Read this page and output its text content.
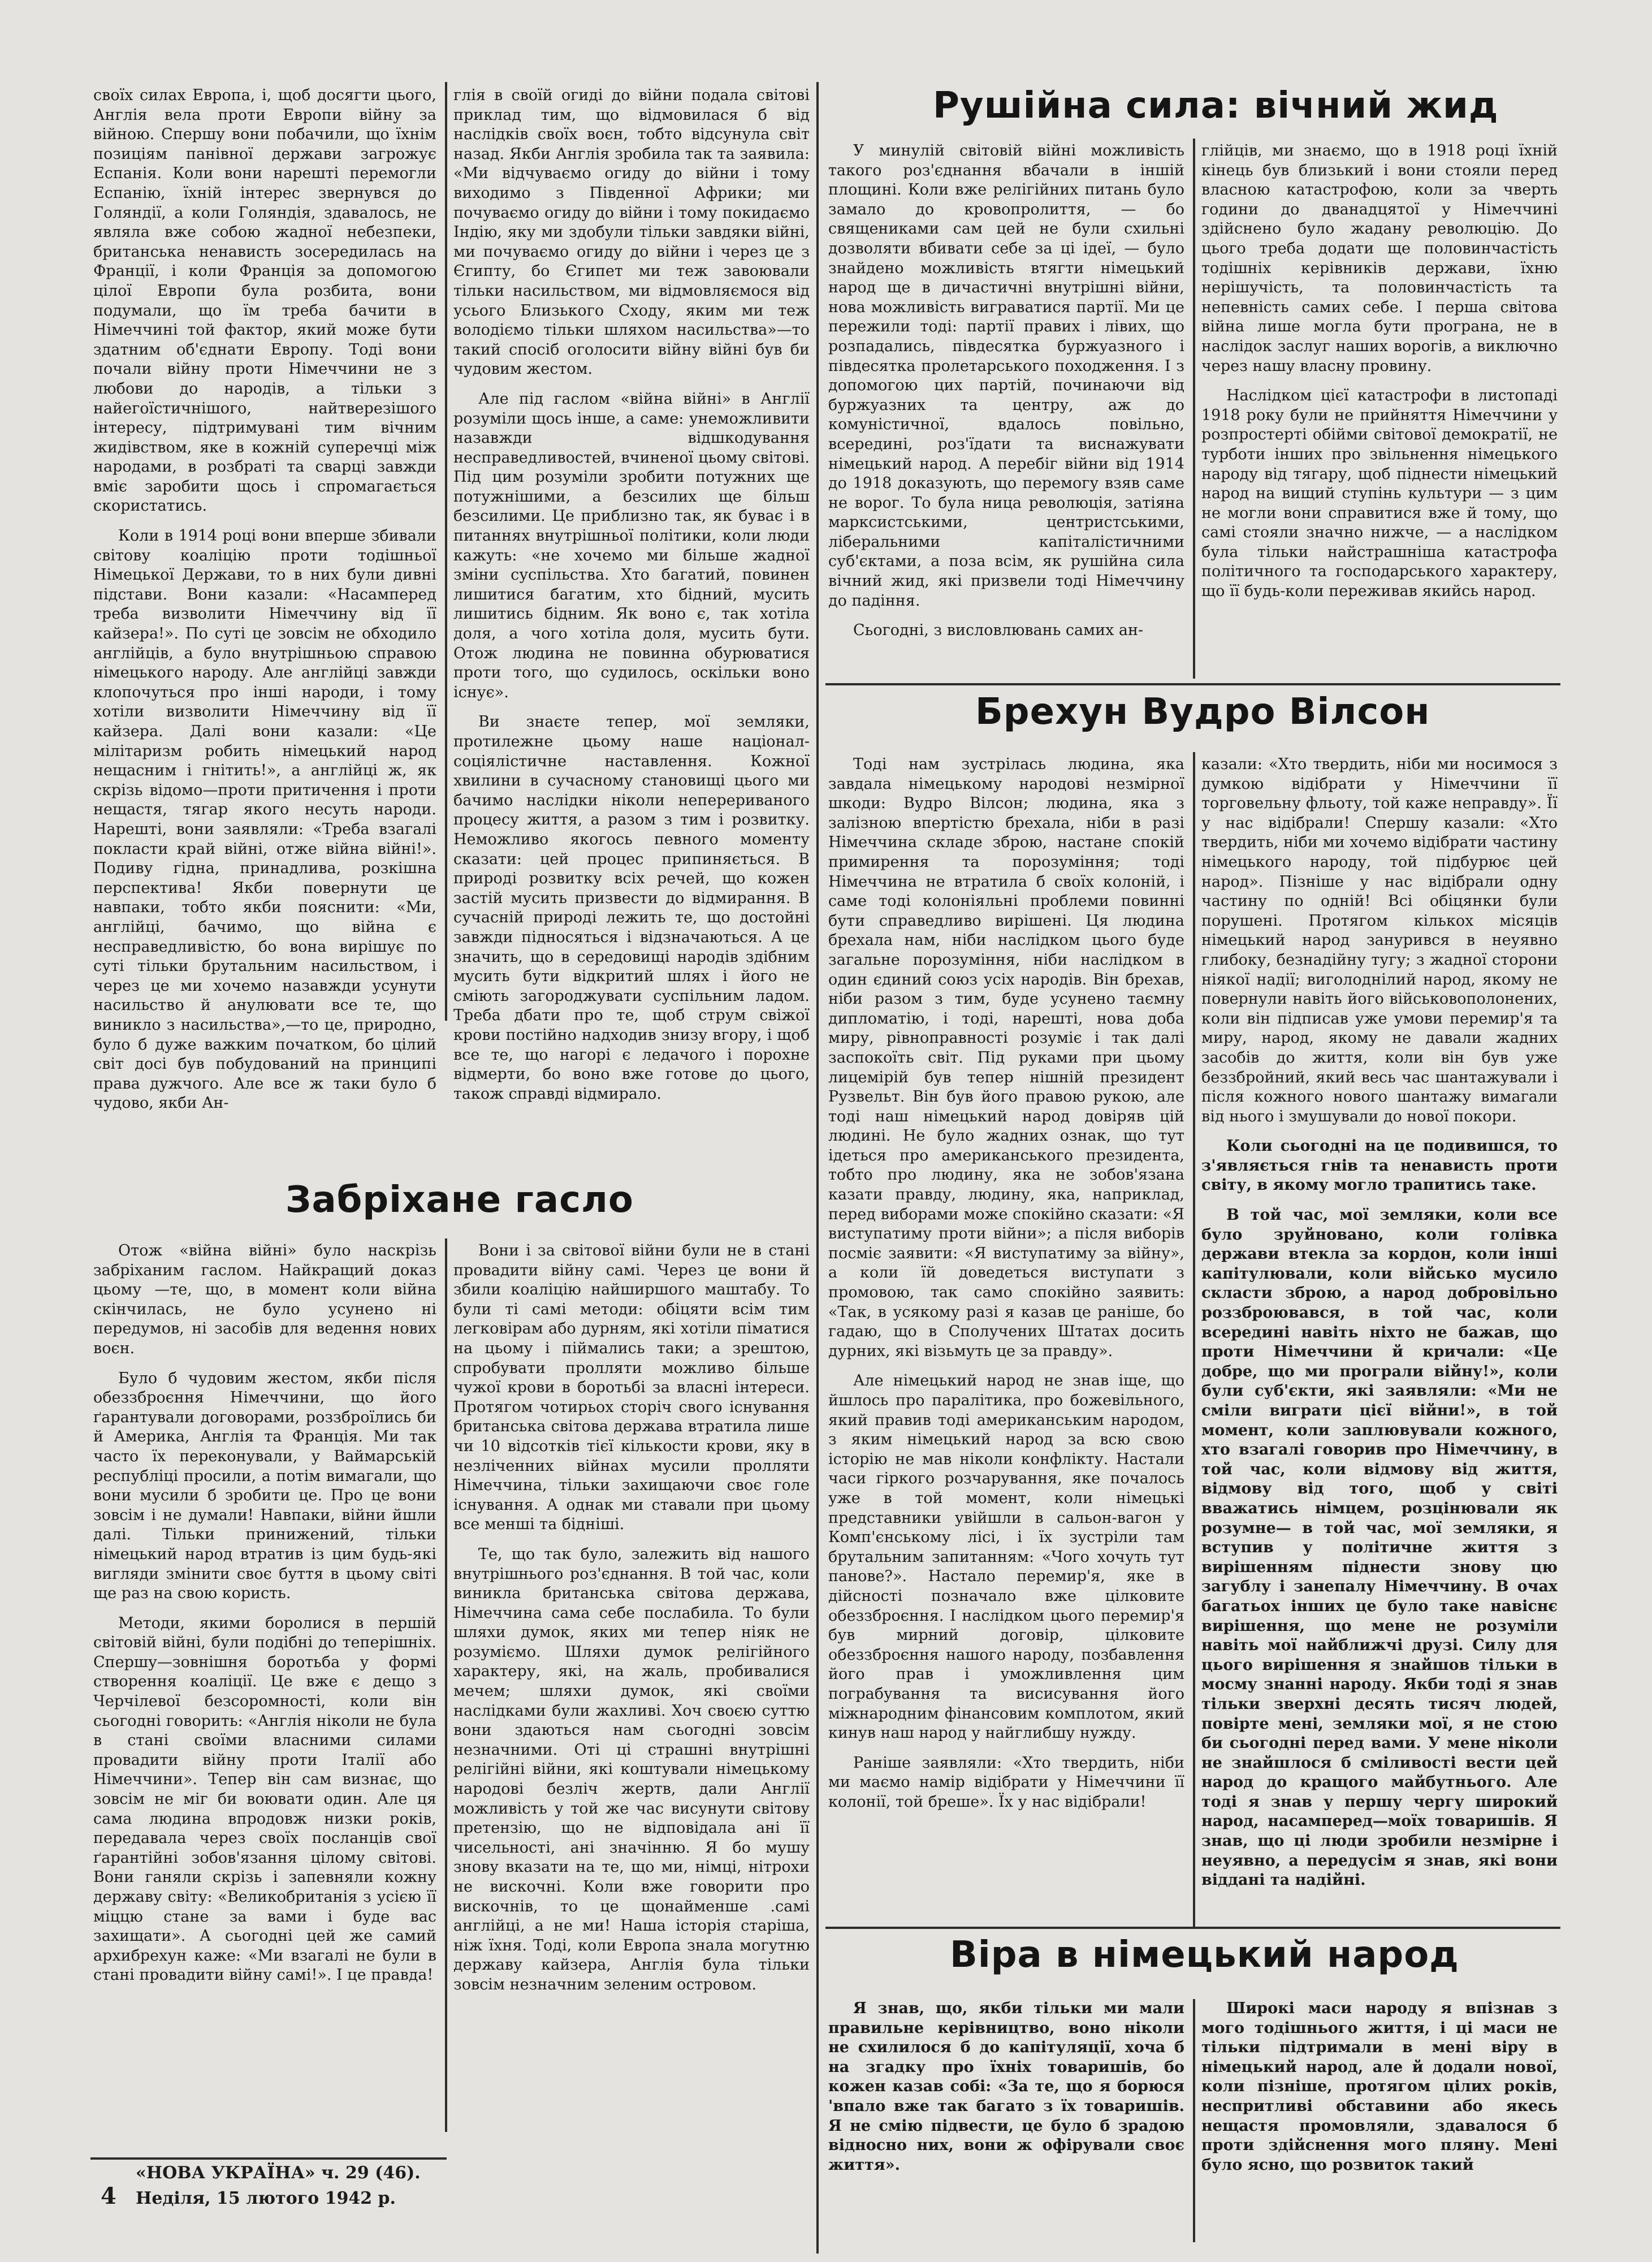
своїх силах Европа, і, щоб досягти цього, Англія вела проти Европи війну за війною. Спершу вони побачили, що їхнім позиціям панівної держави загрожує Еспанія. Коли вони нарешті перемогли Еспанію, їхній інтерес звернувся до Голяндії, а коли Голяндія, здавалось, не являла вже собою жадної небезпеки, британська ненависть зосередилась на Франції, і коли Франція за допомогою цілої Европи була розбита, вони подумали, що їм треба бачити в Німеччині той фактор, який може бути здатним об'єднати Европу. Тоді вони почали війну проти Німеччини не з любови до народів, а тільки з найегоїстичнішого, найтверезішого інтересу, підтримувані тим вічним жидівством, яке в кожній суперечці між народами, в розбраті та сварці завжди вміє заробити щось і спромагається скористатись.

Коли в 1914 році вони вперше збивали світову коаліцію проти тодішньої Німецької Держави, то в них були дивні підстави. Вони казали: «Насамперед треба визволити Німеччину від її кайзера!». По суті це зовсім не обходило англійців, а було внутрішньою справою німецького народу. Але англійці завжди клопочуться про інші народи, і тому хотіли визволити Німеччину від її кайзера. Далі вони казали: «Це мілітаризм робить німецький народ нещасним і гнітить!», а англійці ж, як скрізь відомо—проти притичення і проти нещастя, тягар якого несуть народи. Нарешті, вони заявляли: «Треба взагалі покласти край війні, отже війна війні!». Подиву гідна, принадлива, розкішна перспектива! Якби повернути це навпаки, тобто якби пояснити: «Ми, англійці, бачимо, що війна є несправедливістю, бо вона вирішує по суті тільки брутальним насильством, і через це ми хочемо назавжди усунути насильство й анулювати все те, що виникло з насильства»,—то це, природно, було б дуже важким початком, бо цілий світ досі був побудований на принципі права дужчого. Але все ж таки було б чудово, якби Ан-

глія в своїй огиді до війни подала світові приклад тим, що відмовилася б від наслідків своїх воєн, тобто відсунула світ назад. Якби Англія зробила так та заявила: «Ми відчуваємо огиду до війни і тому виходимо з Південної Африки; ми почуваємо огиду до війни і тому покидаємо Індію, яку ми здобули тільки завдяки війні, ми почуваємо огиду до війни і через це з Єгипту, бо Єгипет ми теж завоювали тільки насильством, ми відмовляємося від усього Близького Сходу, яким ми теж володіємо тільки шляхом насильства»—то такий спосіб оголосити війну війні був би чудовим жестом.

Але під гаслом «війна війні» в Англії розуміли щось інше, а саме: унеможливити назавжди відшкодування несправедливостей, вчиненої цьому світові. Під цим розуміли зробити потужних ще потужнішими, а безсилих ще більш безсилими. Це приблизно так, як буває і в питаннях внутрішньої політики, коли люди кажуть: «не хочемо ми більше жадної зміни суспільства. Хто багатий, повинен лишитися багатим, хто бідний, мусить лишитись бідним. Як воно є, так хотіла доля, а чого хотіла доля, мусить бути. Отож людина не повинна обурюватися проти того, що судилось, оскільки воно існує».

Ви знаєте тепер, мої земляки, протилежне цьому наше націонал-соціялістичне наставлення. Кожної хвилини в сучасному становищі цього ми бачимо наслідки ніколи неперериваного процесу життя, а разом з тим і розвитку. Неможливо якогось певного моменту сказати: цей процес припиняється. В природі розвитку всіх речей, що кожен застій мусить призвести до відмирання. В сучасній природі лежить те, що достойні завжди підносяться і відзначаються. А це значить, що в середовищі народів здібним мусить бути відкритий шлях і його не сміють загороджувати суспільним ладом. Треба дбати про те, щоб струм свіжої крови постійно надходив знизу вгору, і щоб все те, що нагорі є ледачого і порохне відмерти, бо воно вже готове до цього, також справді відмирало.

Забріхане гасло

Отож «війна війні» було наскрізь забріханим гаслом. Найкращий доказ цьому —те, що, в момент коли війна скінчилась, не було усунено ні передумов, ні засобів для ведення нових воєн.

Було б чудовим жестом, якби після обеззброєння Німеччини, що його ґарантували договорами, роззброїлись би й Америка, Англія та Франція. Ми так часто їх переконували, у Ваймарській республіці просили, а потім вимагали, що вони мусили б зробити це. Про це вони зовсім і не думали! Навпаки, війни йшли далі. Тільки принижений, тільки німецький народ втратив із цим будь-які вигляди змінити своє буття в цьому світі ще раз на свою користь.

Методи, якими боролися в першій світовій війні, були подібні до теперішніх. Спершу—зовнішня боротьба у формі створення коаліції. Це вже є дещо з Черчілевої безсоромності, коли він сьогодні говорить: «Англія ніколи не була в стані своїми власними силами провадити війну проти Італії або Німеччини». Тепер він сам визнає, що зовсім не міг би воювати один. Але ця сама людина впродовж низки років, передавала через своїх посланців свої ґарантійні зобов'язання цілому світові. Вони ганяли скрізь і запевняли кожну державу світу: «Великобританія з усією її міццю стане за вами і буде вас захищати». А сьогодні цей же самий архибрехун каже: «Ми взагалі не були в стані провадити війну самі!». І це правда!

Вони і за світової війни були не в стані провадити війну самі. Через це вони й збили коаліцію найширшого маштабу. То були ті самі методи: обіцяти всім тим легковірам або дурням, які хотіли піматися на цьому і піймались таки; а зрештою, спробувати пролляти можливо більше чужої крови в боротьбі за власні інтереси. Протягом чотирьох сторіч свого існування британська світова держава втратила лише чи 10 відсотків тієї кількости крови, яку в незліченних війнах мусили пролляти Німеччина, тільки захищаючи своє голе існування. А однак ми ставали при цьому все менші та бідніші.

Те, що так було, залежить від нашого внутрішнього роз'єднання. В той час, коли виникла британська світова держава, Німеччина сама себе послабила. То були шляхи думок, яких ми тепер ніяк не розуміємо. Шляхи думок релігійного характеру, які, на жаль, пробивалися мечем; шляхи думок, які своїми наслідками були жахливі. Хоч своєю суттю вони здаються нам сьогодні зовсім незначними. Оті ці страшні внутрішні релігійні війни, які коштували німецькому народові безліч жертв, дали Англії можливість у той же час висунути світову претензію, що не відповідала ані її чисельності, ані значінню. Я бо мушу знову вказати на те, що ми, німці, нітрохи не вискочні. Коли вже говорити про вискочнів, то це щонайменше .самі англійці, а не ми! Наша історія старіша, ніж їхня. Тоді, коли Европа знала могутню державу кайзера, Англія була тільки зовсім незначним зеленим островом.

Рушійна сила: вічний жид

У минулій світовій війні можливість такого роз'єднання вбачали в іншій площині. Коли вже релігійних питань було замало до кровопролиття, — бо священиками сам цей не були схильні дозволяти вбивати себе за ці ідеї, — було знайдено можливість втягти німецький народ ще в дичастичні внутрішні війни, нова можливість виграватися партії. Ми це пережили тоді: партії правих і лівих, що розпадались, півдесятка буржуазного і півдесятка пролетарського походження. І з допомогою цих партій, починаючи від буржуазних та центру, аж до комуністичної, вдалось повільно, всередині, роз'їдати та виснажувати німецький народ. А перебіг війни від 1914 до 1918 доказують, що перемогу взяв саме не ворог. То була ница революція, затіяна марксистськими, центристськими, ліберальними капіталістичними суб'єктами, а поза всім, як рушійна сила вічний жид, які призвели тоді Німеччину до падіння.

Сьогодні, з висловлювань самих ан-

глійців, ми знаємо, що в 1918 році їхній кінець був близький і вони стояли перед власною катастрофою, коли за чверть години до дванадцятої у Німеччині здійснено було жадану революцію. До цього треба додати ще половинчастість тодішніх керівників держави, їхню нерішучість, та половинчастість та непевність самих себе. І перша світова війна лише могла бути програна, не в наслідок заслуг наших ворогів, а виключно через нашу власну провину.

Наслідком цієї катастрофи в листопаді 1918 року були не прийняття Німеччини у розпростерті обійми світової демократії, не турботи інших про звільнення німецького народу від тягару, щоб піднести німецький народ на вищий ступінь культури — з цим не могли вони справитися вже й тому, що самі стояли значно нижче, — а наслідком була тільки найстрашніша катастрофа політичного та господарського характеру, що її будь-коли переживав якийсь народ.

Брехун Вудро Вілсон

Тоді нам зустрілась людина, яка завдала німецькому народові незмірної шкоди: Вудро Вілсон; людина, яка з залізною впертістю брехала, ніби в разі Німеччина складе зброю, настане спокій примирення та порозуміння; тоді Німеччина не втратила б своїх колоній, і саме тоді колоніяльні проблеми повинні бути справедливо вирішені. Ця людина брехала нам, ніби наслідком цього буде загальне порозуміння, ніби наслідком в один єдиний союз усіх народів. Він брехав, ніби разом з тим, буде усунено таємну дипломатію, і тоді, нарешті, нова доба миру, рівноправності розуміє і так далі заспокоїть світ. Під руками при цьому лицемірій був тепер нішній президент Рузвельт. Він був його правою рукою, але тоді наш німецький народ довіряв цій людині. Не було жадних ознак, що тут ідеться про американського президента, тобто про людину, яка не зобов'язана казати правду, людину, яка, наприклад, перед виборами може спокійно сказати: «Я виступатиму проти війни»; а після виборів посміє заявити: «Я виступатиму за війну», а коли їй доведеться виступати з промовою, так само спокійно заявить: «Так, в усякому разі я казав це раніше, бо гадаю, що в Сполучених Штатах досить дурних, які візьмуть це за правду».

Але німецький народ не знав іще, що йшлось про паралітика, про божевільного, який правив тоді американським народом, з яким німецький народ за всю свою історію не мав ніколи конфлікту. Настали часи гіркого розчарування, яке почалось уже в той момент, коли німецькі представники увійшли в сальон-вагон у Комп'єнському лісі, і їх зустріли там брутальним запитанням: «Чого хочуть тут панове?». Настало перемир'я, яке в дійсності позначало вже цілковите обеззброєння. І наслідком цього перемир'я був мирний договір, цілковите обеззброєння нашого народу, позбавлення його прав і уможливлення цим пограбування та висисування його міжнародним фінансовим комплотом, який кинув наш народ у найглибшу нужду.

Раніше заявляли: «Хто твердить, ніби ми маємо намір відібрати у Німеччини її колонії, той бреше». Їх у нас відібрали!

казали: «Хто твердить, ніби ми носимося з думкою відібрати у Німеччини її торговельну фльоту, той каже неправду». Її у нас відібрали! Спершу казали: «Хто твердить, ніби ми хочемо відібрати частину німецького народу, той підбурює цей народ». Пізніше у нас відібрали одну частину по одній! Всі обіцянки були порушені. Протягом кількох місяців німецький народ занурився в неуявно глибоку, безнадійну тугу; з жадної сторони ніякої надії; виголоднілий народ, якому не повернули навіть його військовополонених, коли він підписав уже умови перемир'я та миру, народ, якому не давали жадних засобів до життя, коли він був уже беззбройний, який весь час шантажували і після кожного нового шантажу вимагали від нього і змушували до нової покори.

Коли сьогодні на це подивишся, то з'являється гнів та ненависть проти світу, в якому могло трапитись таке.

В той час, мої земляки, коли все було зруйновано, коли голівка держави втекла за кордон, коли інші капітулювали, коли військо мусило скласти зброю, а народ добровільно роззброювався, в той час, коли всередині навіть ніхто не бажав, що проти Німеччини й кричали: «Це добре, що ми програли війну!», коли були суб'єкти, які заявляли: «Ми не сміли виграти цієї війни!», в той момент, коли заплювували кожного, хто взагалі говорив про Німеччину, в той час, коли відмову від життя, відмову від того, щоб у світі вважатись німцем, розцінювали як розумне— в той час, мої земляки, я вступив у політичне життя з вирішенням піднести знову цю загублу і занепалу Німеччину. В очах багатьох інших це було таке навіснє вирішення, що мене не розуміли навіть мої найближчі друзі. Силу для цього вирішення я знайшов тільки в мосму знанні народу. Якби тоді я знав тільки зверхні десять тисяч людей, повірте мені, земляки мої, я не стою би сьогодні перед вами. У мене ніколи не знайшлося б сміливості вести цей народ до кращого майбутнього. Але тоді я знав у першу чергу широкий народ, насамперед—моїх товаришів. Я знав, що ці люди зробили незмірне і неуявно, а передусім я знав, які вони віддані та надійні.

Віра в німецький народ

Я знав, що, якби тільки ми мали правильне керівництво, воно ніколи не схилилося б до капітуляції, хоча б на згадку про їхніх товаришів, бо кожен казав собі: «За те, що я борюся 'впало вже так багато з їх товаришів. Я не смію підвести, це було б зрадою відносно них, вони ж офірували своє життя».

Широкі маси народу я впізнав з мого тодішнього життя, і ці маси не тільки підтримали в мені віру в німецький народ, але й додали нової, коли пізніше, протягом цілих років, неспритливі обставини або якесь нещастя промовляли, здавалося б проти здійснення мого пляну. Мені було ясно, що розвиток такий

«НОВА УКРАЇНА» ч. 29 (46).
4 Неділя, 15 лютого 1942 р.
